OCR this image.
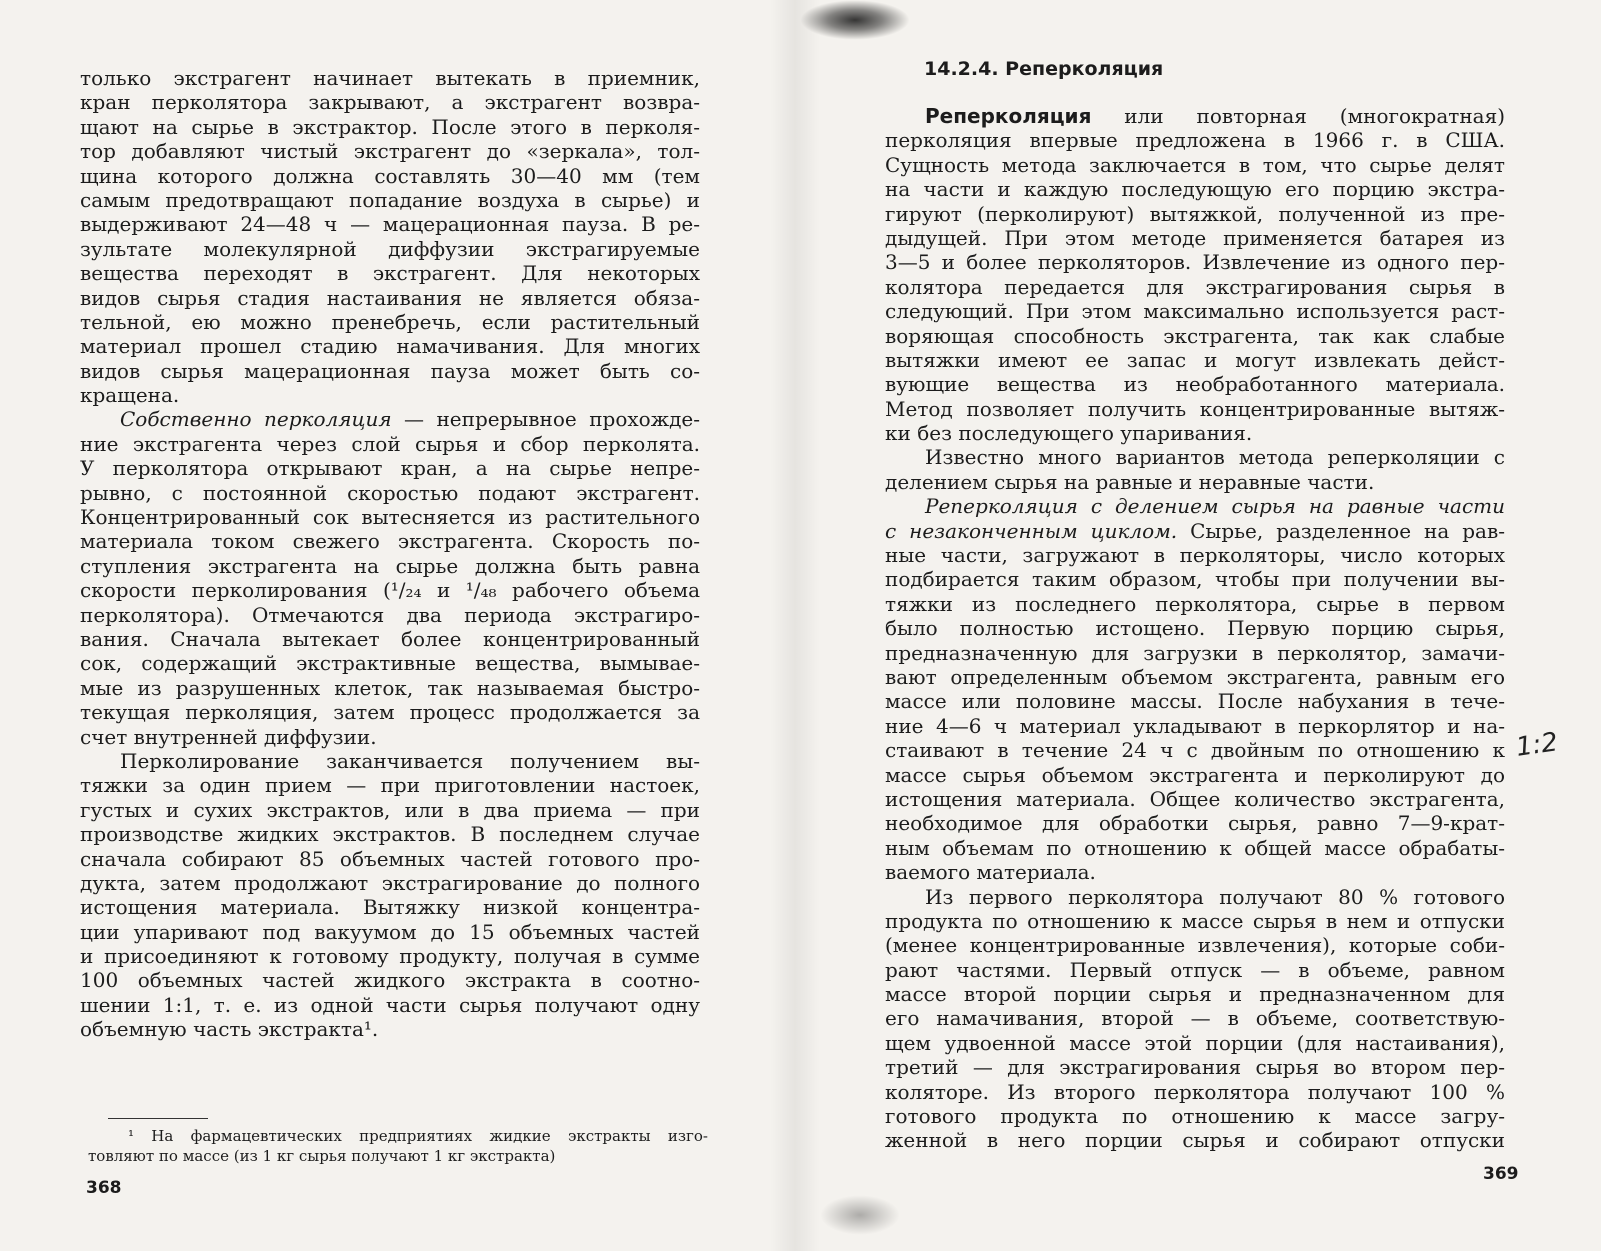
только экстрагент начинает вытекать в приемник,
кран перколятора закрывают, а экстрагент возвра-
щают на сырье в экстрактор. После этого в перколя-
тор добавляют чистый экстрагент до «зеркала», тол-
щина которого должна составлять 30—40 мм (тем
самым предотвращают попадание воздуха в сырье) и
выдерживают 24—48 ч — мацерационная пауза. В ре-
зультате молекулярной диффузии экстрагируемые
вещества переходят в экстрагент. Для некоторых
видов сырья стадия настаивания не является обяза-
тельной, ею можно пренебречь, если растительный
материал прошел стадию намачивания. Для многих
видов сырья мацерационная пауза может быть со-
кращена.
Собственно перколяция — непрерывное прохожде-
ние экстрагента через слой сырья и сбор перколята.
У перколятора открывают кран, а на сырье непре-
рывно, с постоянной скоростью подают экстрагент.
Концентрированный сок вытесняется из растительного
материала током свежего экстрагента. Скорость по-
ступления экстрагента на сырье должна быть равна
скорости перколирования (¹/₂₄ и ¹/₄₈ рабочего объема
перколятора). Отмечаются два периода экстрагиро-
вания. Сначала вытекает более концентрированный
сок, содержащий экстрактивные вещества, вымывае-
мые из разрушенных клеток, так называемая быстро-
текущая перколяция, затем процесс продолжается за
счет внутренней диффузии.
Перколирование заканчивается получением вы-
тяжки за один прием — при приготовлении настоек,
густых и сухих экстрактов, или в два приема — при
производстве жидких экстрактов. В последнем случае
сначала собирают 85 объемных частей готового про-
дукта, затем продолжают экстрагирование до полного
истощения материала. Вытяжку низкой концентра-
ции упаривают под вакуумом до 15 объемных частей
и присоединяют к готовому продукту, получая в сумме
100 объемных частей жидкого экстракта в соотно-
шении 1:1, т. е. из одной части сырья получают одну
объемную часть экстракта¹.
¹ На фармацевтических предприятиях жидкие экстракты изго-
товляют по массе (из 1 кг сырья получают 1 кг экстракта)
368
14.2.4. Реперколяция
Реперколяция или повторная (многократная)
перколяция впервые предложена в 1966 г. в США.
Сущность метода заключается в том, что сырье делят
на части и каждую последующую его порцию экстра-
гируют (перколируют) вытяжкой, полученной из пре-
дыдущей. При этом методе применяется батарея из
3—5 и более перколяторов. Извлечение из одного пер-
колятора передается для экстрагирования сырья в
следующий. При этом максимально используется раст-
воряющая способность экстрагента, так как слабые
вытяжки имеют ее запас и могут извлекать дейст-
вующие вещества из необработанного материала.
Метод позволяет получить концентрированные вытяж-
ки без последующего упаривания.
Известно много вариантов метода реперколяции с
делением сырья на равные и неравные части.
Реперколяция с делением сырья на равные части
с незаконченным циклом. Сырье, разделенное на рав-
ные части, загружают в перколяторы, число которых
подбирается таким образом, чтобы при получении вы-
тяжки из последнего перколятора, сырье в первом
было полностью истощено. Первую порцию сырья,
предназначенную для загрузки в перколятор, замачи-
вают определенным объемом экстрагента, равным его
массе или половине массы. После набухания в тече-
ние 4—6 ч материал укладывают в перкорлятор и на-
стаивают в течение 24 ч с двойным по отношению к
массе сырья объемом экстрагента и перколируют до
истощения материала. Общее количество экстрагента,
необходимое для обработки сырья, равно 7—9-крат-
ным объемам по отношению к общей массе обрабаты-
ваемого материала.
Из первого перколятора получают 80 % готового
продукта по отношению к массе сырья в нем и отпуски
(менее концентрированные извлечения), которые соби-
рают частями. Первый отпуск — в объеме, равном
массе второй порции сырья и предназначенном для
его намачивания, второй — в объеме, соответствую-
щем удвоенной массе этой порции (для настаивания),
третий — для экстрагирования сырья во втором пер-
коляторе. Из второго перколятора получают 100 %
готового продукта по отношению к массе загру-
женной в него порции сырья и собирают отпуски
1:2
369
